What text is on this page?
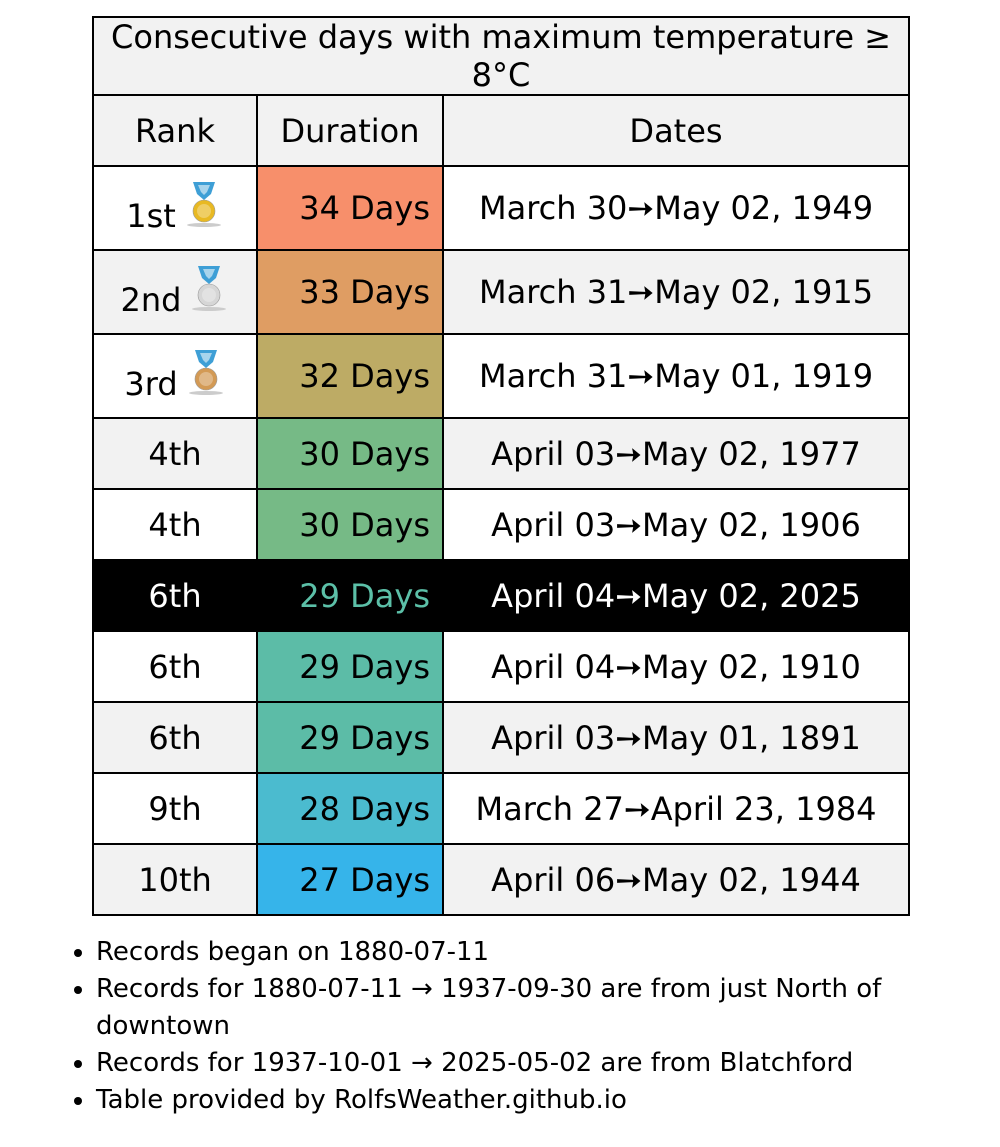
Consecutive days with maximum temperature ≥ 8°C		
Rank	Duration	Dates

1st	34 Days	March 30➙May 02, 1949

2nd	33 Days	March 31➙May 02, 1915

3rd	32 Days	March 31➙May 01, 1919
4th	30 Days	April 03➙May 02, 1977
4th	30 Days	April 03➙May 02, 1906
6th	29 Days	April 04➙May 02, 2025
6th	29 Days	April 04➙May 02, 1910
6th	29 Days	April 03➙May 01, 1891
9th	28 Days	March 27➙April 23, 1984
10th	27 Days	April 06➙May 02, 1944
• Records began on 1880-07-11
• Records for 1880-07-11 → 1937-09-30 are from just North of downtown
• Records for 1937-10-01 → 2025-05-02 are from Blatchford
• Table provided by RolfsWeather.github.io
